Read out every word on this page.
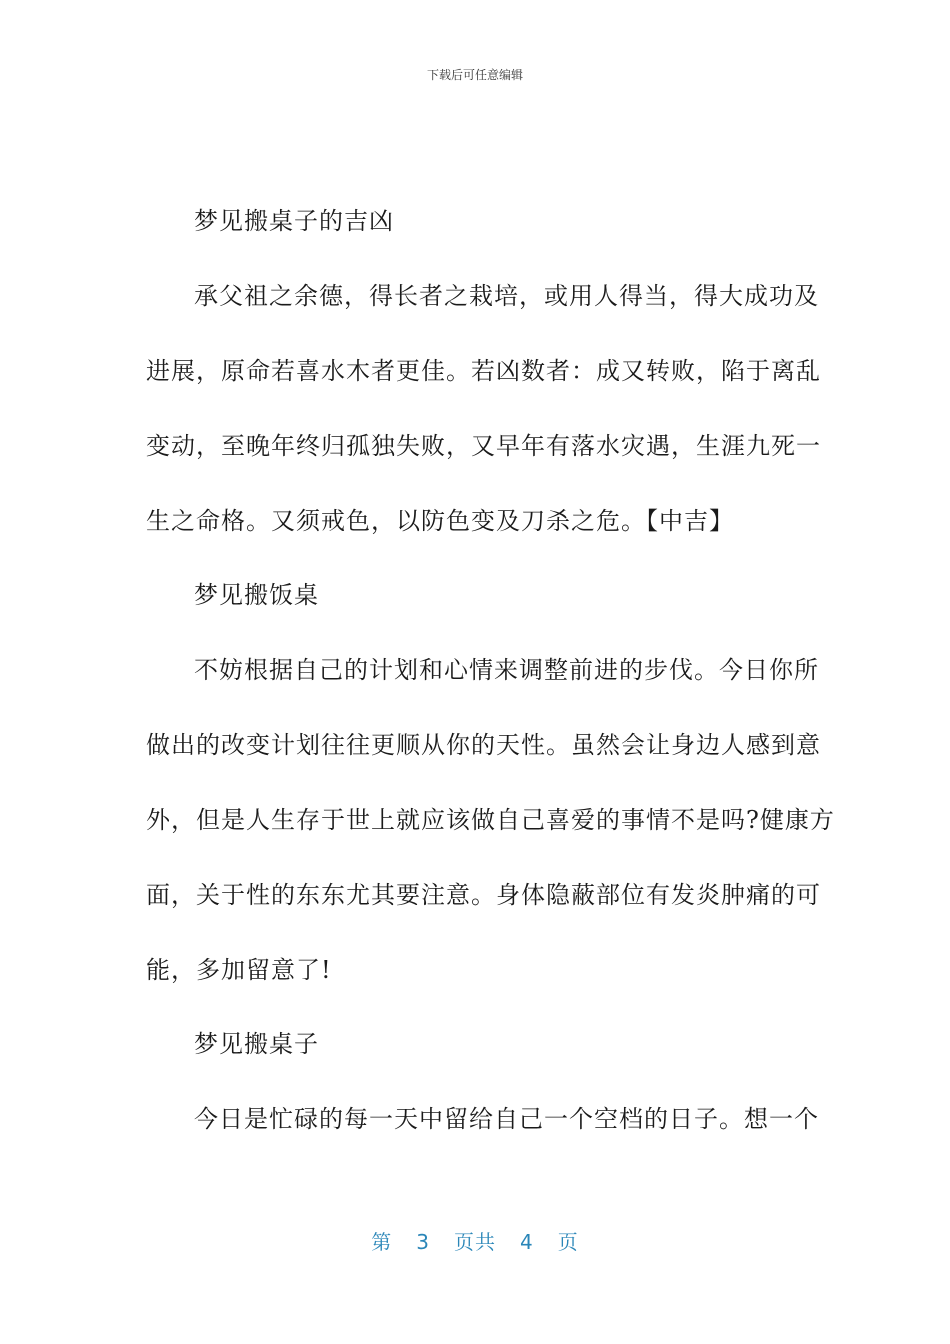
下载后可任意编辑
梦见搬桌子的吉凶
承父祖之余德，得长者之栽培，或用人得当，得大成功及
进展，原命若喜水木者更佳。若凶数者：成又转败，陷于离乱
变动，至晚年终归孤独失败，又早年有落水灾遇，生涯九死一
生之命格。又须戒色，以防色变及刀杀之危。【中吉】
梦见搬饭桌
不妨根据自己的计划和心情来调整前进的步伐。今日你所
做出的改变计划往往更顺从你的天性。虽然会让身边人感到意
外，但是人生存于世上就应该做自己喜爱的事情不是吗?健康方
面，关于性的东东尤其要注意。身体隐蔽部位有发炎肿痛的可
能，多加留意了!
梦见搬桌子
今日是忙碌的每一天中留给自己一个空档的日子。想一个
第 3 页共 4 页
